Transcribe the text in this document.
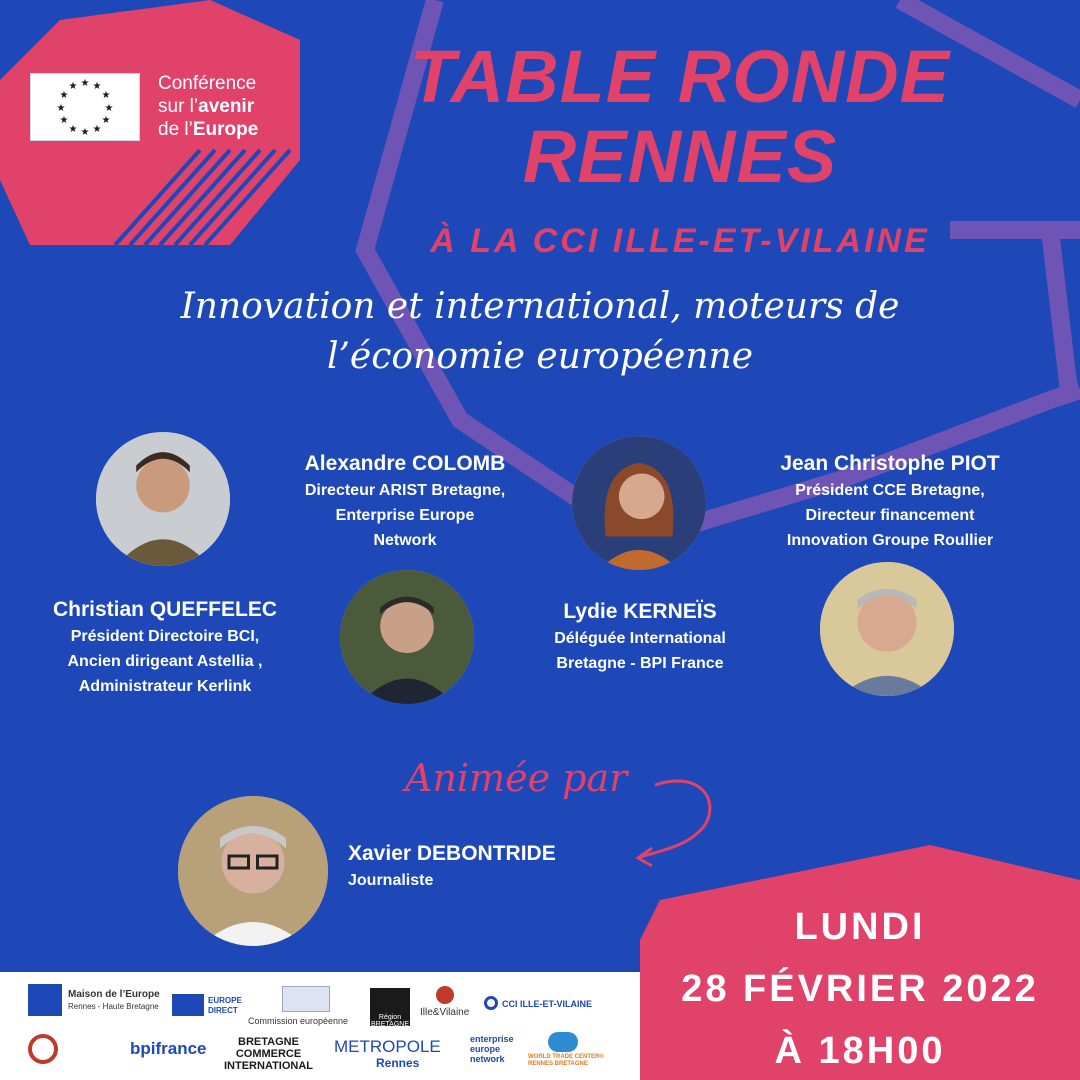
★ ★
★
★
★
★
★
★
★
★
★
★	Conférence
sur l’avenir
de l’Europe
TABLE RONDE
RENNES
À LA CCI ILLE-ET-VILAINE
Innovation et international, moteurs de
l’économie européenne
Alexandre COLOMB
Directeur ARIST Bretagne,
Enterprise Europe
Network
Jean Christophe PIOT
Président CCE Bretagne,
Directeur financement
Innovation Groupe Roullier
Christian QUEFFELEC
Président Directoire BCI,
Ancien dirigeant Astellia ,
Administrateur Kerlink
Lydie KERNEÏS
Déléguée International
Bretagne - BPI France
Animée par
Xavier DEBONTRIDE
Journaliste
LUNDI
28 FÉVRIER 2022
À 18H00
Maison de l’Europe
Rennes - Haute Bretagne
EUROPE DIRECT
Commission européenne	Région BRETAGNE
Ille&Vilaine
CCI ILLE-ET-VILAINE
bpifrance	BRETAGNE
COMMERCE
INTERNATIONAL
METROPOLE
Rennes
enterprise
europe
network	WORLD TRADE CENTER®
RENNES BRETAGNE
